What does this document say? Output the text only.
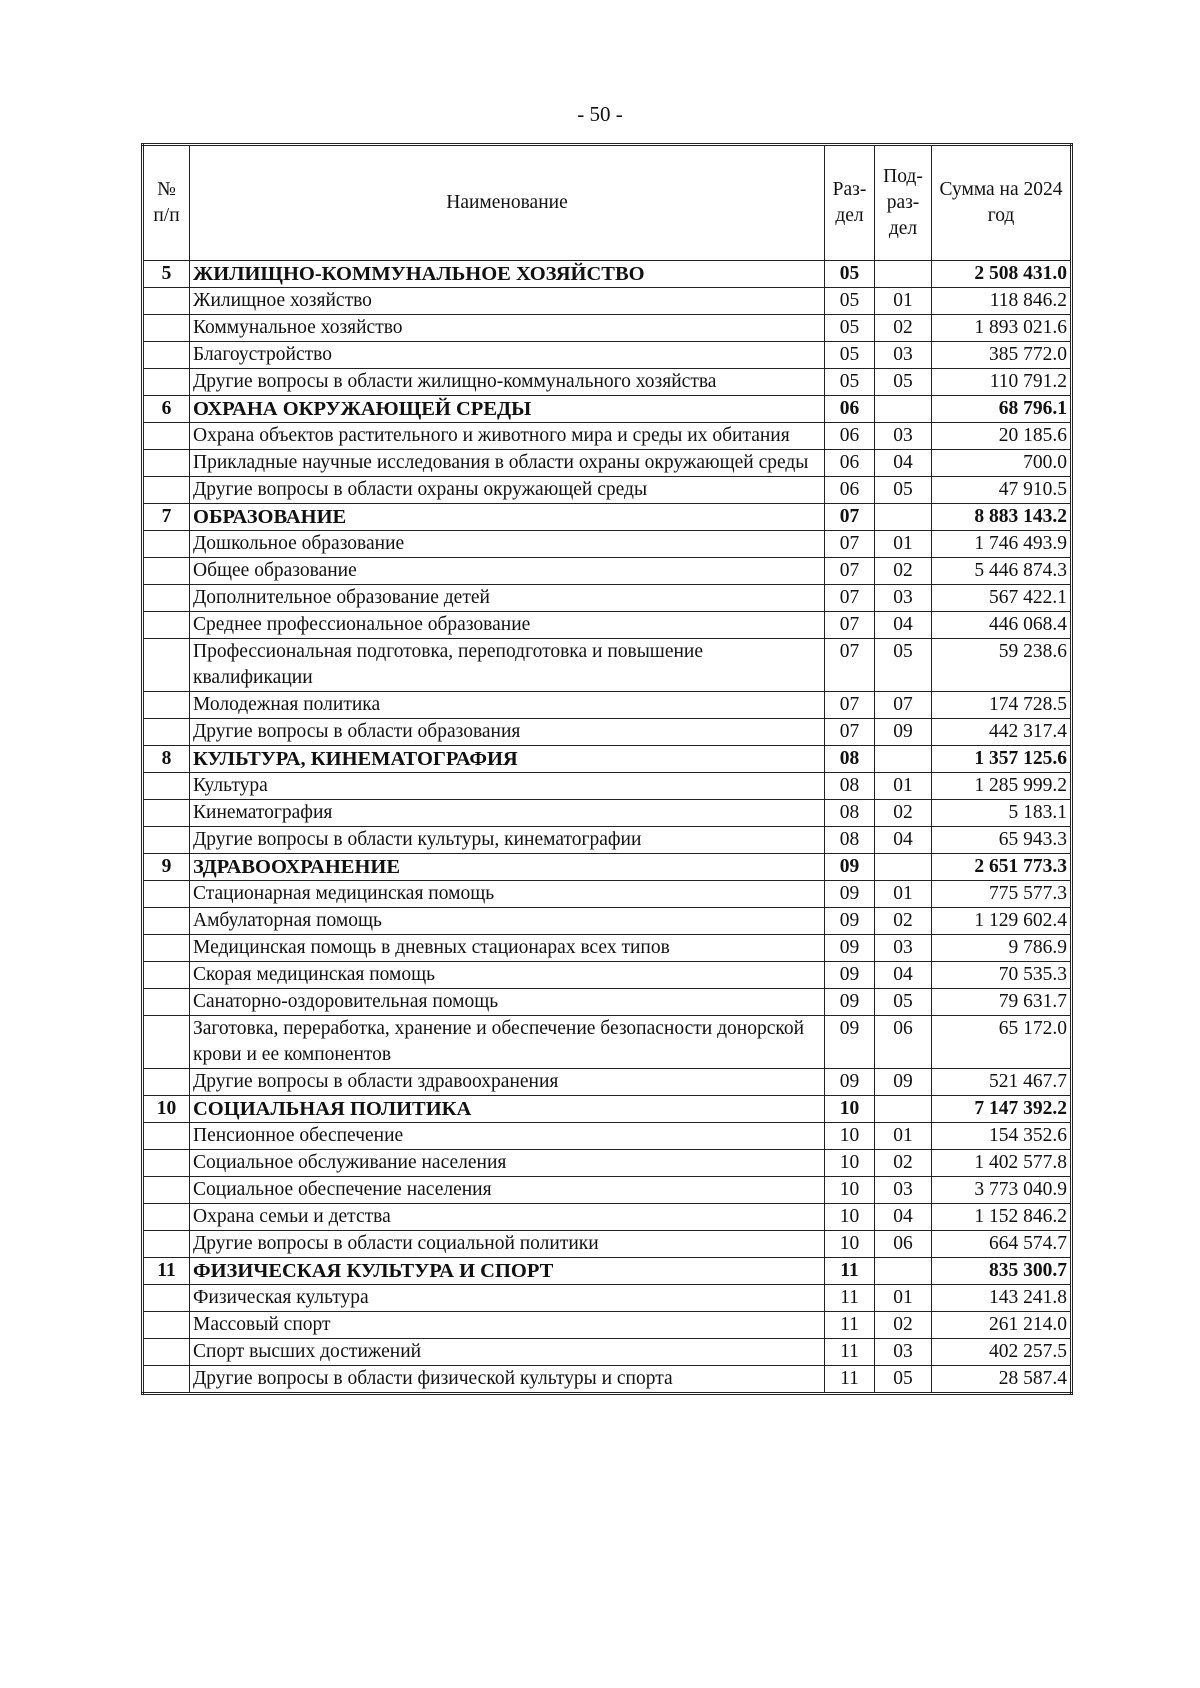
- 50 -
№ п/п	Наименование	Раз-дел	Под-раз-дел	Сумма на 2024 год
5	ЖИЛИЩНО-КОММУНАЛЬНОЕ ХОЗЯЙСТВО	05		2 508 431.0
	Жилищное хозяйство	05	01	118 846.2
	Коммунальное хозяйство	05	02	1 893 021.6
	Благоустройство	05	03	385 772.0
	Другие вопросы в области жилищно-коммунального хозяйства	05	05	110 791.2
6	ОХРАНА ОКРУЖАЮЩЕЙ СРЕДЫ	06		68 796.1
	Охрана объектов растительного и животного мира и среды их обитания	06	03	20 185.6
	Прикладные научные исследования в области охраны окружающей среды	06	04	700.0
	Другие вопросы в области охраны окружающей среды	06	05	47 910.5
7	ОБРАЗОВАНИЕ	07		8 883 143.2
	Дошкольное образование	07	01	1 746 493.9
	Общее образование	07	02	5 446 874.3
	Дополнительное образование детей	07	03	567 422.1
	Среднее профессиональное образование	07	04	446 068.4
	Профессиональная подготовка, переподготовка и повышение квалификации	07	05	59 238.6
	Молодежная политика	07	07	174 728.5
	Другие вопросы в области образования	07	09	442 317.4
8	КУЛЬТУРА, КИНЕМАТОГРАФИЯ	08		1 357 125.6
	Культура	08	01	1 285 999.2
	Кинематография	08	02	5 183.1
	Другие вопросы в области культуры, кинематографии	08	04	65 943.3
9	ЗДРАВООХРАНЕНИЕ	09		2 651 773.3
	Стационарная медицинская помощь	09	01	775 577.3
	Амбулаторная помощь	09	02	1 129 602.4
	Медицинская помощь в дневных стационарах всех типов	09	03	9 786.9
	Скорая медицинская помощь	09	04	70 535.3
	Санаторно-оздоровительная помощь	09	05	79 631.7
	Заготовка, переработка, хранение и обеспечение безопасности донорской крови и ее компонентов	09	06	65 172.0
	Другие вопросы в области здравоохранения	09	09	521 467.7
10	СОЦИАЛЬНАЯ ПОЛИТИКА	10		7 147 392.2
	Пенсионное обеспечение	10	01	154 352.6
	Социальное обслуживание населения	10	02	1 402 577.8
	Социальное обеспечение населения	10	03	3 773 040.9
	Охрана семьи и детства	10	04	1 152 846.2
	Другие вопросы в области социальной политики	10	06	664 574.7
11	ФИЗИЧЕСКАЯ КУЛЬТУРА И СПОРТ	11		835 300.7
	Физическая культура	11	01	143 241.8
	Массовый спорт	11	02	261 214.0
	Спорт высших достижений	11	03	402 257.5
	Другие вопросы в области физической культуры и спорта	11	05	28 587.4
